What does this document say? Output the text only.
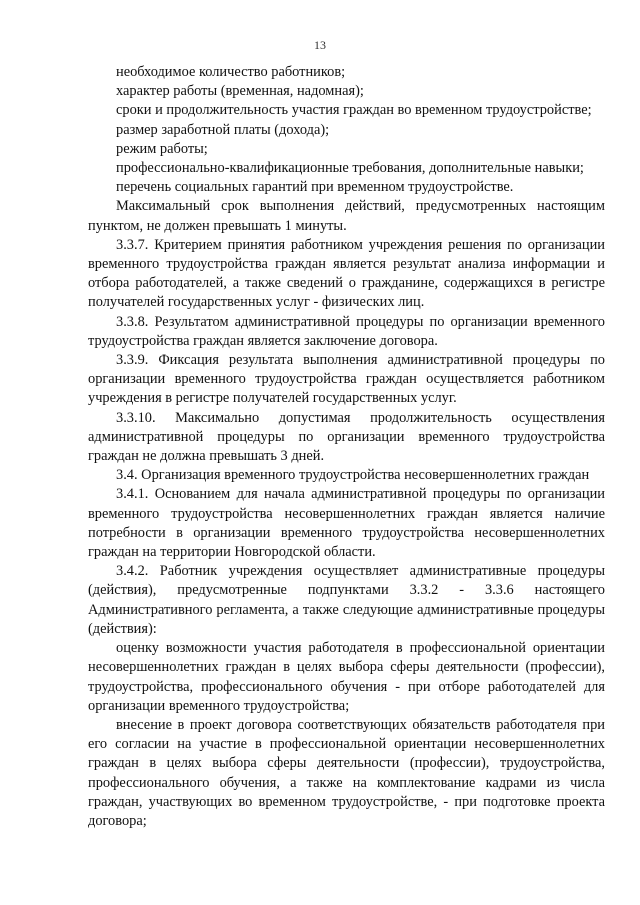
13

необходимое количество работников;

характер работы (временная, надомная);

сроки и продолжительность участия граждан во временном трудоустройстве;

размер заработной платы (дохода);

режим работы;

профессионально-квалификационные требования, дополнительные навыки;

перечень социальных гарантий при временном трудоустройстве.

Максимальный срок выполнения действий, предусмотренных настоящим пунктом, не должен превышать 1 минуты.

3.3.7. Критерием принятия работником учреждения решения по организации временного трудоустройства граждан является результат анализа информации и отбора работодателей, а также сведений о гражданине, содержащихся в регистре получателей государственных услуг - физических лиц.

3.3.8. Результатом административной процедуры по организации временного трудоустройства граждан является заключение договора.

3.3.9. Фиксация результата выполнения административной процедуры по организации временного трудоустройства граждан осуществляется работником учреждения в регистре получателей государственных услуг.

3.3.10. Максимально допустимая продолжительность осуществления административной процедуры по организации временного трудоустройства граждан не должна превышать 3 дней.

3.4. Организация временного трудоустройства несовершеннолетних граждан

3.4.1. Основанием для начала административной процедуры по организации временного трудоустройства несовершеннолетних граждан является наличие потребности в организации временного трудоустройства несовершеннолетних граждан на территории Новгородской области.

3.4.2. Работник учреждения осуществляет административные процедуры (действия), предусмотренные подпунктами 3.3.2 - 3.3.6 настоящего Административного регламента, а также следующие административные процедуры (действия):

оценку возможности участия работодателя в профессиональной ориентации несовершеннолетних граждан в целях выбора сферы деятельности (профессии), трудоустройства, профессионального обучения - при отборе работодателей для организации временного трудоустройства;

внесение в проект договора соответствующих обязательств работодателя при его согласии на участие в профессиональной ориентации несовершеннолетних граждан в целях выбора сферы деятельности (профессии), трудоустройства, профессионального обучения, а также на комплектование кадрами из числа граждан, участвующих во временном трудоустройстве, - при подготовке проекта договора;
